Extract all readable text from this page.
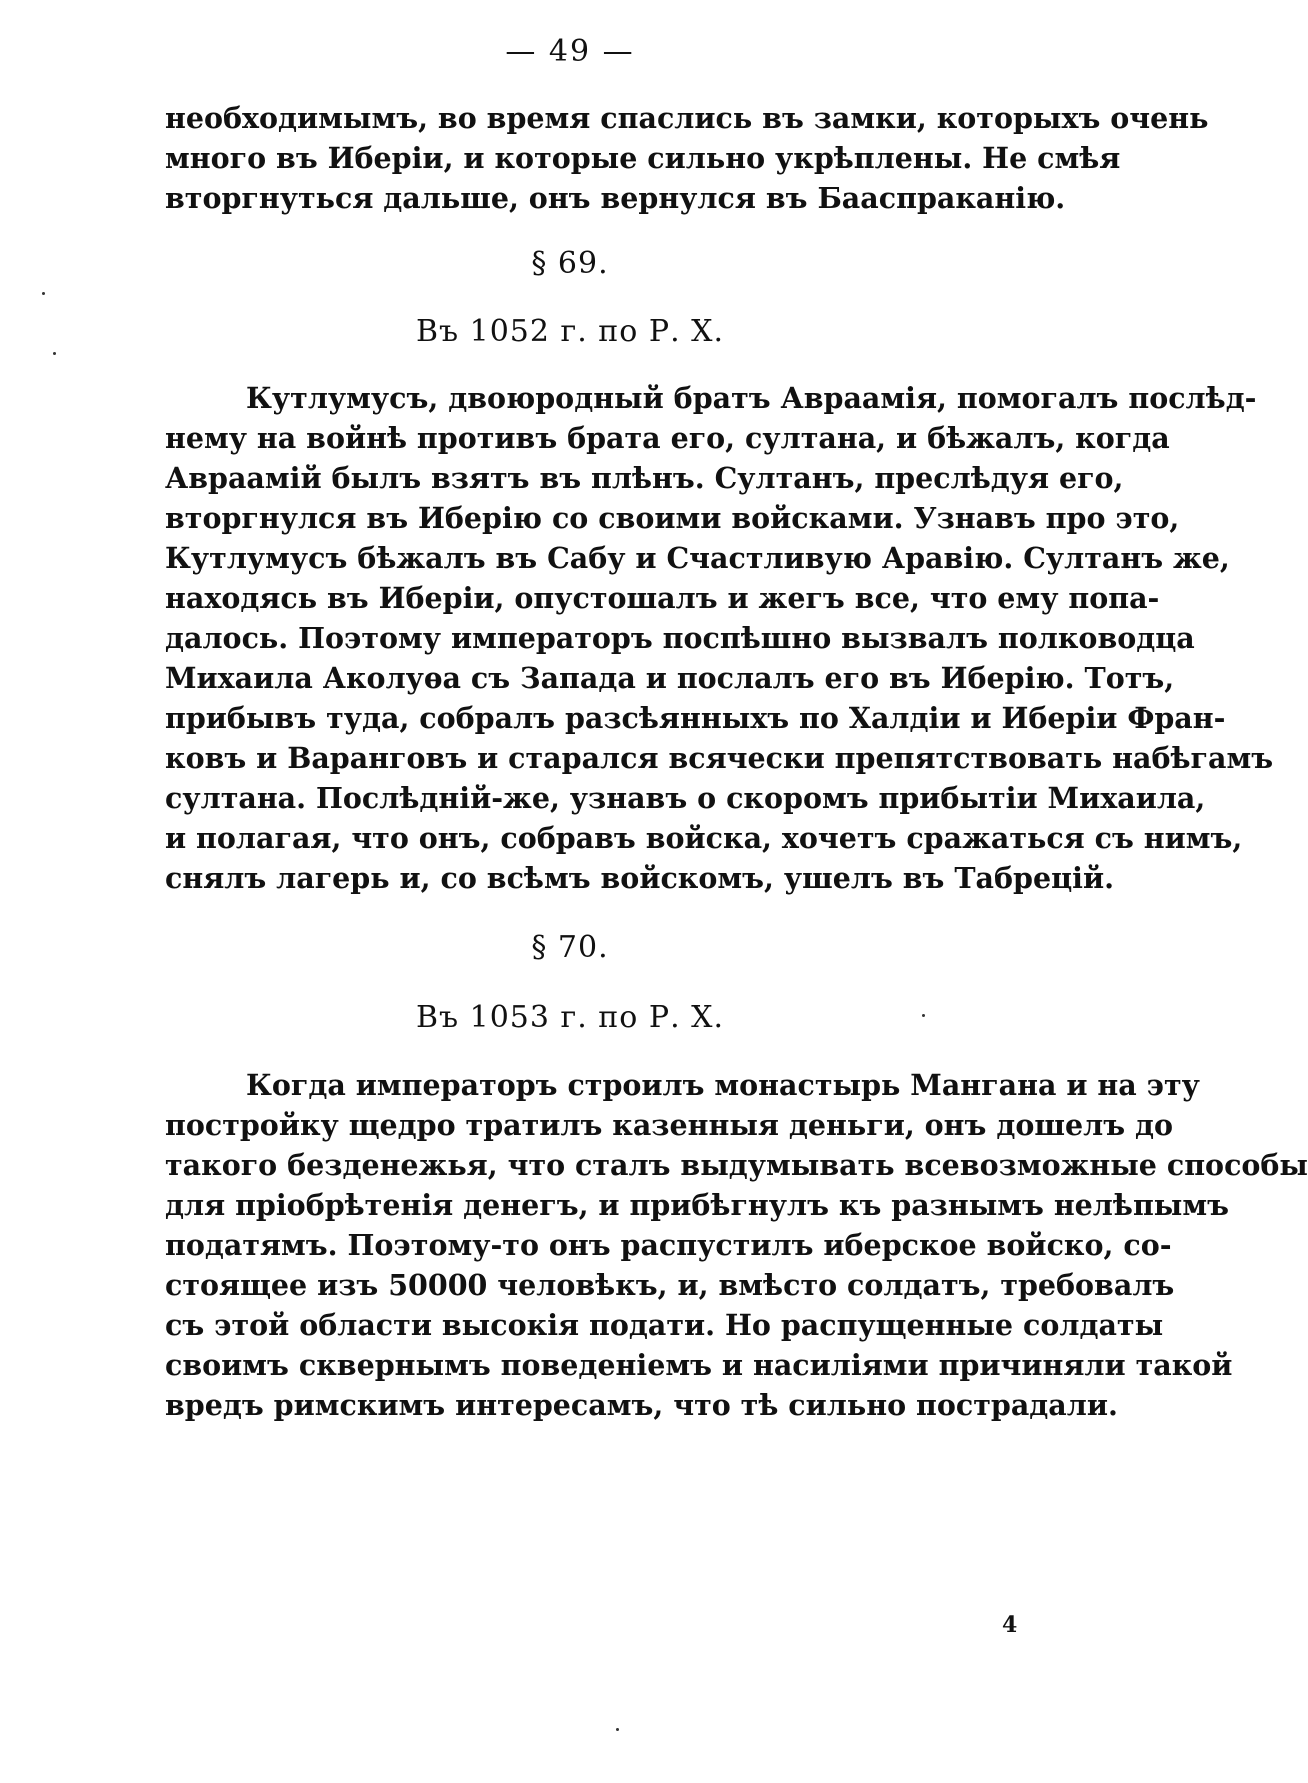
— 49 —
необходимымъ, во время спаслись въ замки, которыхъ очень
много въ Иберіи, и которые сильно укрѣплены. Не смѣя
вторгнуться дальше, онъ вернулся въ Бааспраканію.
§ 69.
Въ 1052 г. по Р. X.
Кутлумусъ, двоюродный братъ Авраамія, помогалъ послѣд-
нему на войнѣ противъ брата его, султана, и бѣжалъ, когда
Авраамій былъ взятъ въ плѣнъ. Султанъ, преслѣдуя его,
вторгнулся въ Иберію со своими войсками. Узнавъ про это,
Кутлумусъ бѣжалъ въ Сабу и Счастливую Аравію. Султанъ же,
находясь въ Иберіи, опустошалъ и жегъ все, что ему попа-
далось. Поэтому императоръ поспѣшно вызвалъ полководца
Михаила Аколуѳа съ Запада и послалъ его въ Иберію. Тотъ,
прибывъ туда, собралъ разсѣянныхъ по Халдіи и Иберіи Фран-
ковъ и Варанговъ и старался всячески препятствовать набѣгамъ
султана. Послѣдній-же, узнавъ о скоромъ прибытіи Михаила,
и полагая, что онъ, собравъ войска, хочетъ сражаться съ нимъ,
снялъ лагерь и, со всѣмъ войскомъ, ушелъ въ Табрецій.
§ 70.
Въ 1053 г. по Р. X.
Когда императоръ строилъ монастырь Мангана и на эту
постройку щедро тратилъ казенныя деньги, онъ дошелъ до
такого безденежья, что сталъ выдумывать всевозможные способы
для пріобрѣтенія денегъ, и прибѣгнулъ къ разнымъ нелѣпымъ
податямъ. Поэтому-то онъ распустилъ иберское войско, со-
стоящее изъ 50000 человѣкъ, и, вмѣсто солдатъ, требовалъ
съ этой области высокія подати. Но распущенные солдаты
своимъ сквернымъ поведеніемъ и насиліями причиняли такой
вредъ римскимъ интересамъ, что тѣ сильно пострадали.
4
